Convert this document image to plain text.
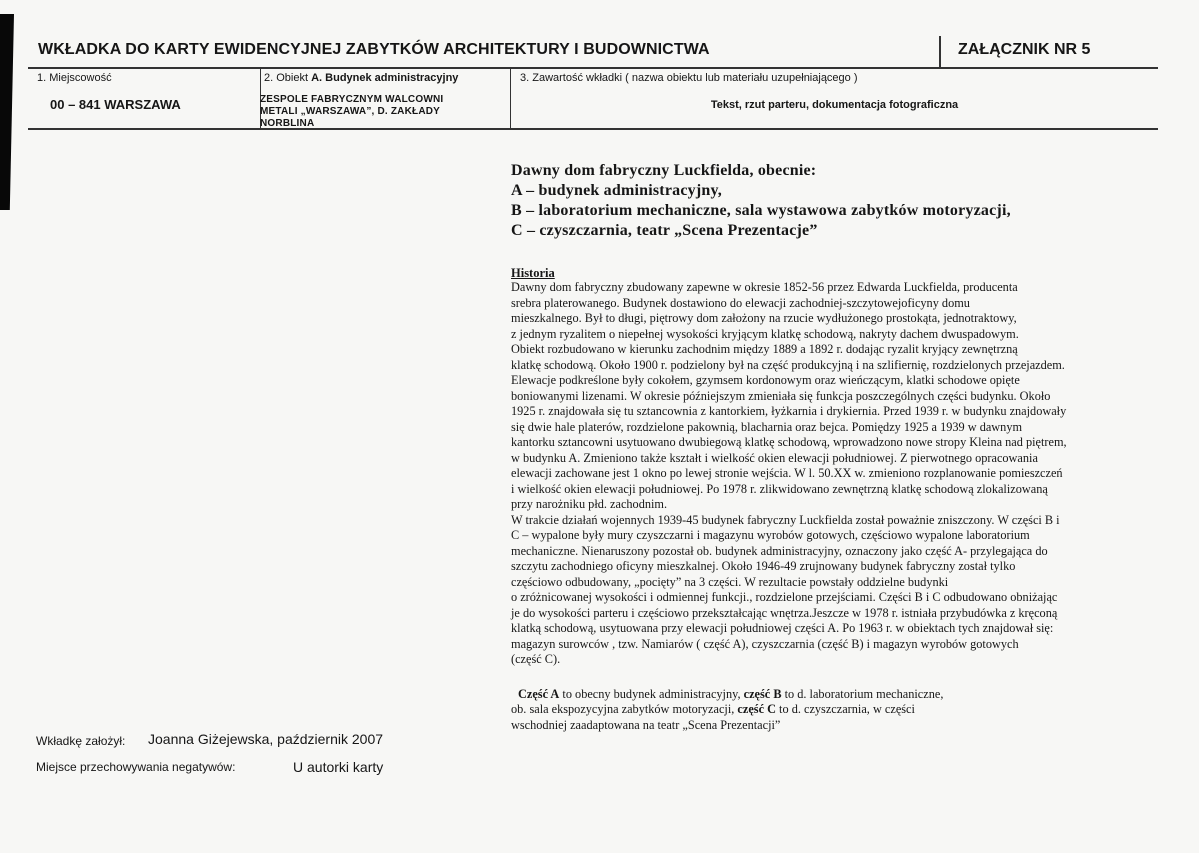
WKŁADKA DO KARTY EWIDENCYJNEJ ZABYTKÓW ARCHITEKTURY I BUDOWNICTWA	ZAŁĄCZNIK NR 5
1. Miejscowość
00 – 841 WARSZAWA
2. Obiekt A. Budynek administracyjny
ZESPOLE FABRYCZNYM WALCOWNI
METALI „WARSZAWA”, D. ZAKŁADY
NORBLINA
3. Zawartość wkładki ( nazwa obiektu lub materiału uzupełniającego )
Tekst, rzut parteru, dokumentacja fotograficzna
Dawny dom fabryczny Luckfielda, obecnie:
A – budynek administracyjny,
B – laboratorium mechaniczne, sala wystawowa zabytków motoryzacji,
C – czyszczarnia, teatr „Scena Prezentacje”
Historia

Dawny dom fabryczny zbudowany zapewne w okresie 1852-56 przez Edwarda Luckfielda, producenta

srebra platerowanego. Budynek dostawiono do elewacji zachodniej-szczytowejoficyny domu

mieszkalnego. Był to długi, piętrowy dom założony na rzucie wydłużonego prostokąta, jednotraktowy,

z jednym ryzalitem o niepełnej wysokości kryjącym klatkę schodową, nakryty dachem dwuspadowym.

Obiekt rozbudowano w kierunku zachodnim między 1889 a 1892 r. dodając ryzalit kryjący zewnętrzną

klatkę schodową. Około 1900 r. podzielony był na część produkcyjną i na szlifiernię, rozdzielonych przejazdem.

Elewacje podkreślone były cokołem, gzymsem kordonowym oraz wieńczącym, klatki schodowe opięte

boniowanymi lizenami. W okresie późniejszym zmieniała się funkcja poszczególnych części budynku. Około

1925 r. znajdowała się tu sztancownia z kantorkiem, łyżkarnia i drykiernia. Przed 1939 r. w budynku znajdowały

się dwie hale platerów, rozdzielone pakownią, blacharnia oraz bejca. Pomiędzy 1925 a 1939 w dawnym

kantorku sztancowni usytuowano dwubiegową klatkę schodową, wprowadzono nowe stropy Kleina nad piętrem,

w budynku A. Zmieniono także kształt i wielkość okien elewacji południowej. Z pierwotnego opracowania

elewacji zachowane jest 1 okno po lewej stronie wejścia. W l. 50.XX w. zmieniono rozplanowanie pomieszczeń

i wielkość okien elewacji południowej. Po 1978 r. zlikwidowano zewnętrzną klatkę schodową zlokalizowaną

przy narożniku płd. zachodnim.

W trakcie działań wojennych 1939-45 budynek fabryczny Luckfielda został poważnie zniszczony. W części B i

C – wypalone były mury czyszczarni i magazynu wyrobów gotowych, częściowo wypalone laboratorium

mechaniczne. Nienaruszony pozostał ob. budynek administracyjny, oznaczony jako część A- przylegająca do

szczytu zachodniego oficyny mieszkalnej. Około 1946-49 zrujnowany budynek fabryczny został tylko

częściowo odbudowany, „pocięty” na 3 części. W rezultacie powstały oddzielne budynki

o zróżnicowanej wysokości i odmiennej funkcji., rozdzielone przejściami. Części B i C odbudowano obniżając

je do wysokości parteru i częściowo przekształcając wnętrza.Jeszcze w 1978 r. istniała przybudówka z kręconą

klatką schodową, usytuowana przy elewacji południowej części A. Po 1963 r. w obiektach tych znajdował się:

magazyn surowców , tzw. Namiarów ( część A), czyszczarnia (część B) i magazyn wyrobów gotowych

(część C).

Część A to obecny budynek administracyjny, część B to d. laboratorium mechaniczne,

ob. sala ekspozycyjna zabytków motoryzacji, część C to d. czyszczarnia, w części

wschodniej zaadaptowana na teatr „Scena Prezentacji”

Wkładkę założył: Joanna Giżejewska, październik 2007
Miejsce przechowywania negatywów:	U autorki karty
